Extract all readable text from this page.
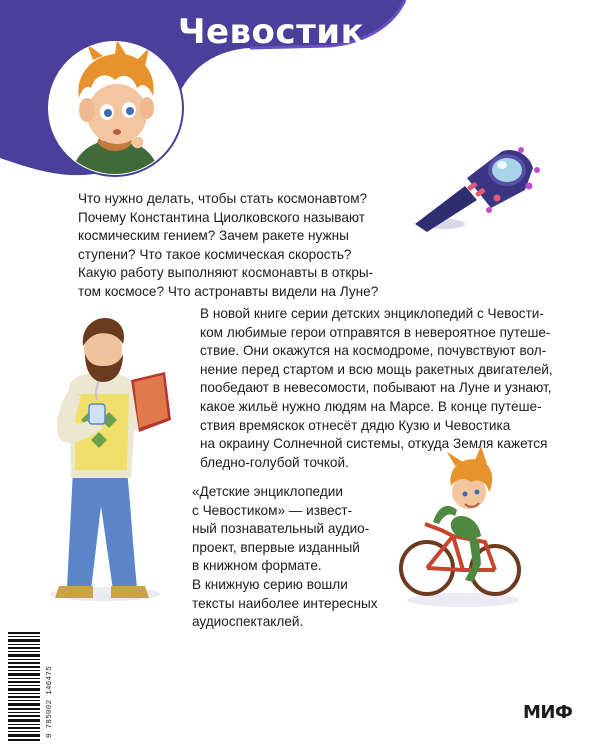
Чевостик
Что нужно делать, чтобы стать космонавтом?
Почему Константина Циолковского называют
космическим гением? Зачем ракете нужны
ступени? Что такое космическая скорость?
Какую работу выполняют космонавты в откры-
том космосе? Что астронавты видели на Луне?
В новой книге серии детских энциклопедий с Чевости-
ком любимые герои отправятся в невероятное путеше-
ствие. Они окажутся на космодроме, почувствуют вол-
нение перед стартом и всю мощь ракетных двигателей,
пообедают в невесомости, побывают на Луне и узнают,
какое жильё нужно людям на Марсе. В конце путеше-
ствия времяскок отнесёт дядю Кузю и Чевостика
на окраину Солнечной системы, откуда Земля кажется
бледно-голубой точкой.
«Детские энциклопедии
с Чевостиком» — извест-
ный познавательный аудио-
проект, впервые изданный
в книжном формате.
В книжную серию вошли
тексты наиболее интересных
аудиоспектаклей.
9 785002 146475	МИФ
